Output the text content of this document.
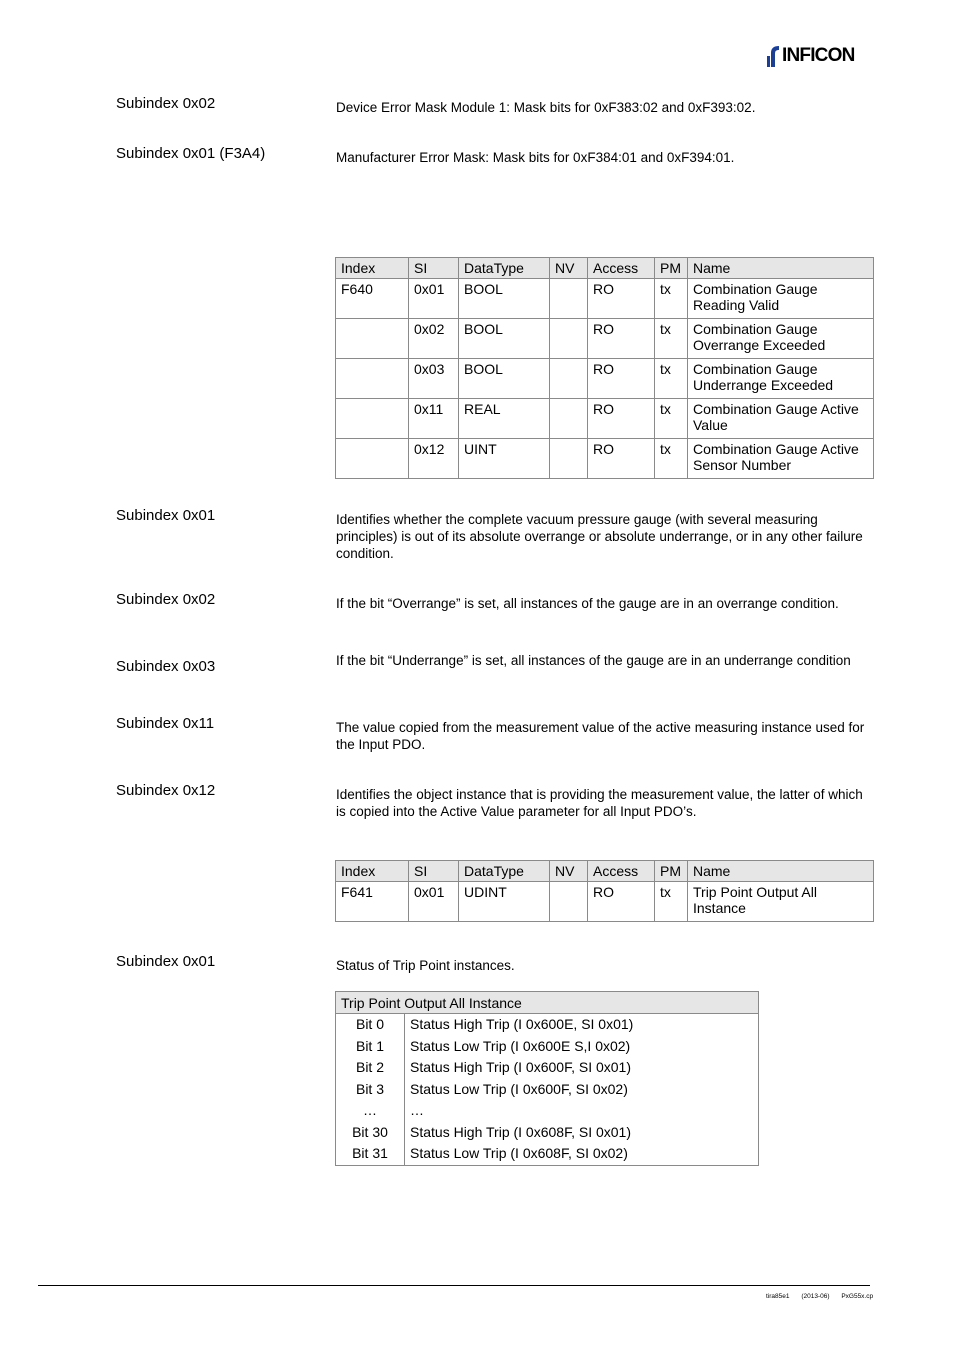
INFICON
Subindex 0x02	Device Error Mask Module 1: Mask bits for 0xF383:02 and 0xF393:02.
Subindex 0x01 (F3A4)	Manufacturer Error Mask: Mask bits for 0xF384:01 and 0xF394:01.
Index	SI	DataType	NV	Access	PM	Name
F640	0x01	BOOL		RO	tx	Combination Gauge
Reading Valid
	0x02	BOOL		RO	tx	Combination Gauge
Overrange Exceeded
	0x03	BOOL		RO	tx	Combination Gauge
Underrange Exceeded
	0x11	REAL		RO	tx	Combination Gauge Active
Value
	0x12	UINT		RO	tx	Combination Gauge Active
Sensor Number
Subindex 0x01	Identifies whether the complete vacuum pressure gauge (with several measuring principles) is out of its absolute overrange or absolute underrange, or in any other failure condition.
Subindex 0x02	If the bit “Overrange” is set, all instances of the gauge are in an overrange condition.
Subindex 0x03	If the bit “Underrange” is set, all instances of the gauge are in an underrange condition
Subindex 0x11	The value copied from the measurement value of the active measuring instance used for the Input PDO.
Subindex 0x12	Identifies the object instance that is providing the measurement value, the latter of which is copied into the Active Value parameter for all Input PDO’s.
Index	SI	DataType	NV	Access	PM	Name
F641	0x01	UDINT		RO	tx	Trip Point Output All
Instance
Subindex 0x01	Status of Trip Point instances.
Trip Point Output All Instance	
Bit 0	Status High Trip (I 0x600E, SI 0x01)
Bit 1	Status Low Trip (I 0x600E S,I 0x02)
Bit 2	Status High Trip (I 0x600F, SI 0x01)
Bit 3	Status Low Trip (I 0x600F, SI 0x02)
…	…
Bit 30	Status High Trip (I 0x608F, SI 0x01)
Bit 31	Status Low Trip (I 0x608F, SI 0x02)
tira85e1 (2013-06) PxG55x.cp
